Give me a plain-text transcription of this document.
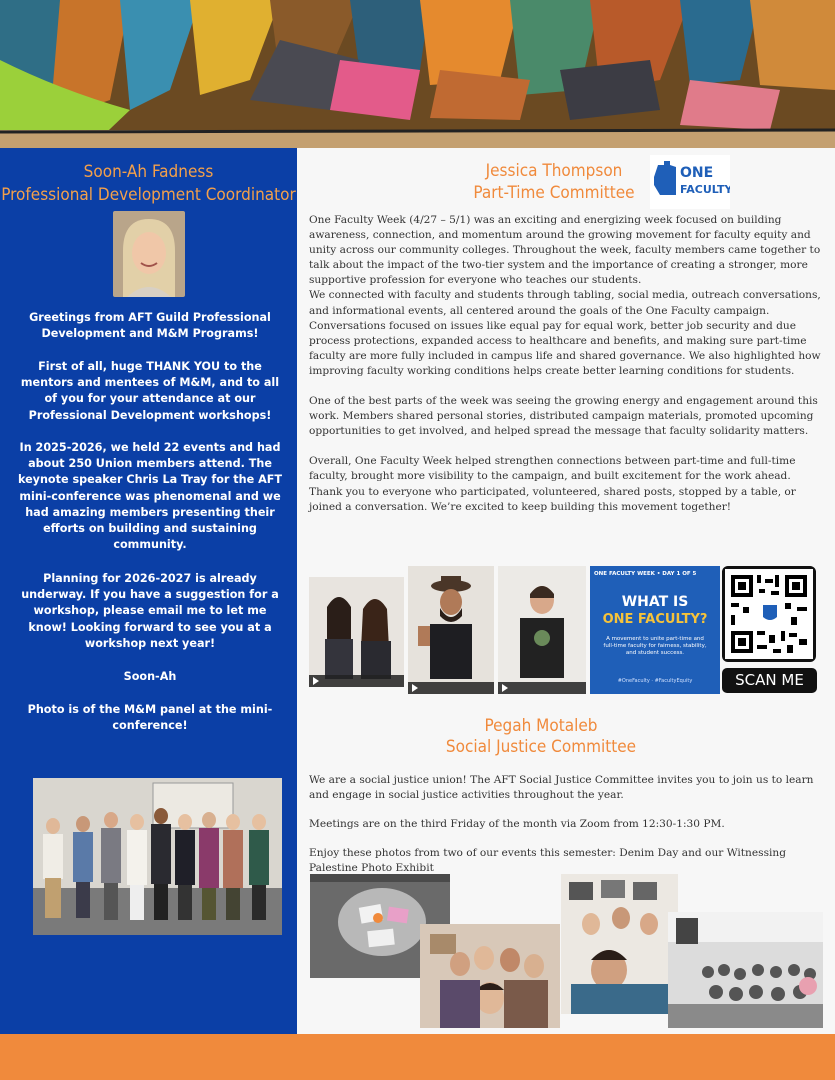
Soon-Ah Fadness
Professional Development Coordinator
Greetings from AFT Guild Professional Development and M&M Programs!
First of all, huge THANK YOU to the mentors and mentees of M&M, and to all of you for your attendance at our Professional Development workshops!
In 2025-2026, we held 22 events and had about 250 Union members attend. The keynote speaker Chris La Tray for the AFT mini-conference was phenomenal and we had amazing members presenting their efforts on building and sustaining community.
Planning for 2026-2027 is already underway. If you have a suggestion for a workshop, please email me to let me know! Looking forward to see you at a workshop next year!
Soon-Ah
Photo is of the M&M panel at the mini-conference!
Jessica Thompson
Part-Time Committee
ONE
FACULTY

One Faculty Week (4/27 – 5/1) was an exciting and energizing week focused on building awareness, connection, and momentum around the growing movement for faculty equity and unity across our community colleges. Throughout the week, faculty members came together to talk about the impact of the two-tier system and the importance of creating a stronger, more supportive profession for everyone who teaches our students.

We connected with faculty and students through tabling, social media, outreach conversations, and informational events, all centered around the goals of the One Faculty campaign. Conversations focused on issues like equal pay for equal work, better job security and due process protections, expanded access to healthcare and benefits, and making sure part-time faculty are more fully included in campus life and shared governance. We also highlighted how improving faculty working conditions helps create better learning conditions for students.

One of the best parts of the week was seeing the growing energy and engagement around this work. Members shared personal stories, distributed campaign materials, promoted upcoming opportunities to get involved, and helped spread the message that faculty solidarity matters.

Overall, One Faculty Week helped strengthen connections between part-time and full-time faculty, brought more visibility to the campaign, and built excitement for the work ahead. Thank you to everyone who participated, volunteered, shared posts, stopped by a table, or joined a conversation. We’re excited to keep building this movement together!

ONE FACULTY WEEK • DAY 1 OF 5
WHAT IS
ONE FACULTY?
A movement to unite part-time and full-time faculty for fairness, stability, and student success.
#OneFaculty · #FacultyEquity	SCAN ME
Pegah Motaleb
Social Justice Committee

We are a social justice union! The AFT Social Justice Committee invites you to join us to learn and engage in social justice activities throughout the year.

Meetings are on the third Friday of the month via Zoom from 12:30-1:30 PM.

Enjoy these photos from two of our events this semester: Denim Day and our Witnessing Palestine Photo Exhibit
